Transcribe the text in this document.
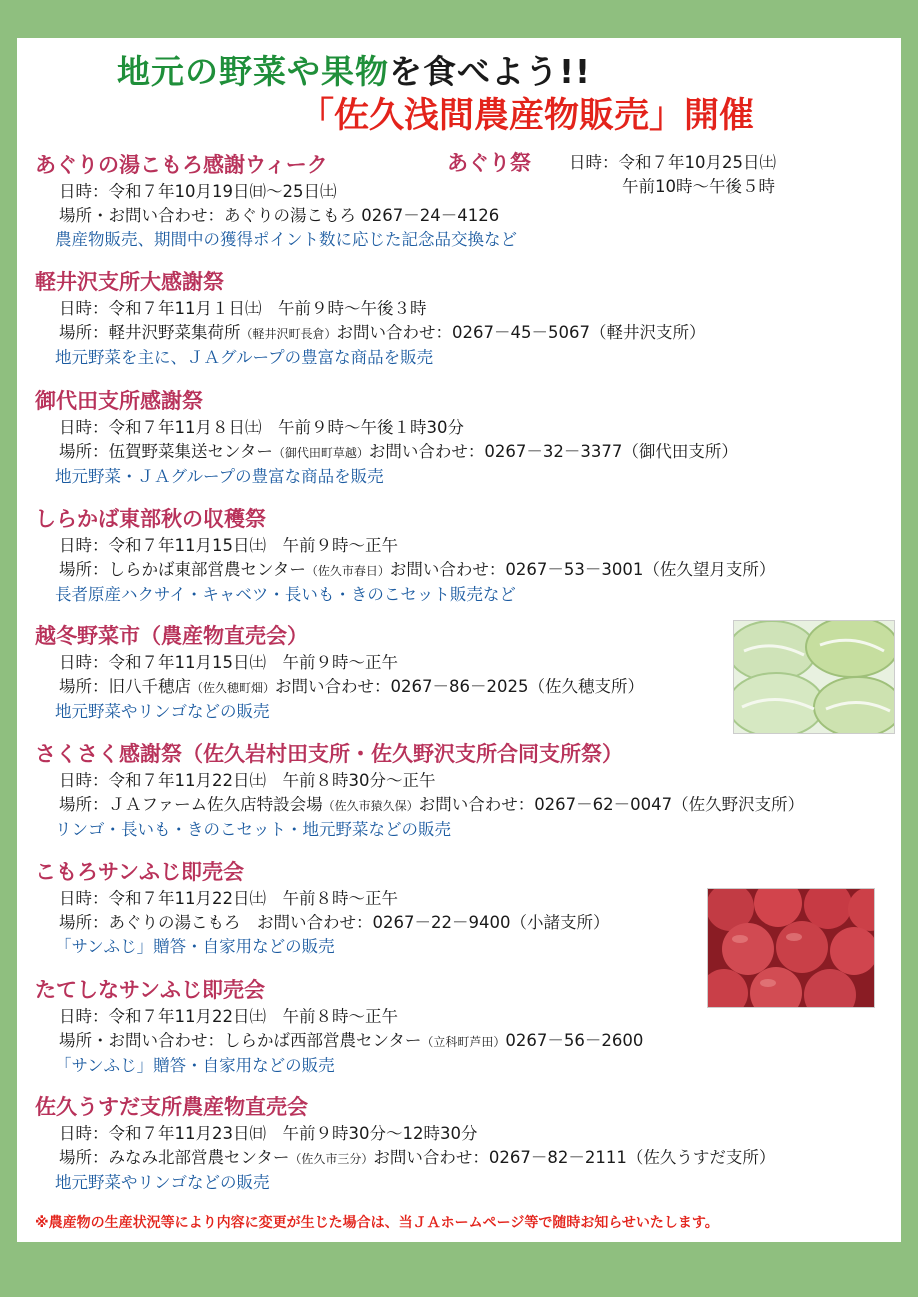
地元の野菜や果物を食べよう!!
「佐久浅間農産物販売」開催
あぐりの湯こもろ感謝ウィーク
日時：令和７年10月19日㈰～25日㈯
場所・お問い合わせ：あぐりの湯こもろ 0267－24－4126
農産物販売、期間中の獲得ポイント数に応じた記念品交換など
あぐり祭 日時：令和７年10月25日㈯
午前10時～午後５時
軽井沢支所大感謝祭
日時：令和７年11月１日㈯　午前９時～午後３時
場所：軽井沢野菜集荷所（軽井沢町長倉）お問い合わせ：0267－45－5067（軽井沢支所）
地元野菜を主に、ＪＡグループの豊富な商品を販売
御代田支所感謝祭
日時：令和７年11月８日㈯　午前９時～午後１時30分
場所：伍賀野菜集送センター（御代田町草越）お問い合わせ：0267－32－3377（御代田支所）
地元野菜・ＪＡグループの豊富な商品を販売
しらかば東部秋の収穫祭
日時：令和７年11月15日㈯　午前９時～正午
場所：しらかば東部営農センター（佐久市春日）お問い合わせ：0267－53－3001（佐久望月支所）
長者原産ハクサイ・キャベツ・長いも・きのこセット販売など
越冬野菜市（農産物直売会）
日時：令和７年11月15日㈯　午前９時～正午
場所：旧八千穂店（佐久穂町畑）お問い合わせ：0267－86－2025（佐久穂支所）
地元野菜やリンゴなどの販売
さくさく感謝祭（佐久岩村田支所・佐久野沢支所合同支所祭）
日時：令和７年11月22日㈯　午前８時30分～正午
場所：ＪＡファーム佐久店特設会場（佐久市猿久保）お問い合わせ：0267－62－0047（佐久野沢支所）
リンゴ・長いも・きのこセット・地元野菜などの販売
こもろサンふじ即売会
日時：令和７年11月22日㈯　午前８時～正午
場所：あぐりの湯こもろ　お問い合わせ：0267－22－9400（小諸支所）
「サンふじ」贈答・自家用などの販売
たてしなサンふじ即売会
日時：令和７年11月22日㈯　午前８時～正午
場所・お問い合わせ：しらかば西部営農センター（立科町芦田）0267－56－2600
「サンふじ」贈答・自家用などの販売
佐久うすだ支所農産物直売会
日時：令和７年11月23日㈰　午前９時30分～12時30分
場所：みなみ北部営農センター（佐久市三分）お問い合わせ：0267－82－2111（佐久うすだ支所）
地元野菜やリンゴなどの販売
※農産物の生産状況等により内容に変更が生じた場合は、当ＪＡホームページ等で随時お知らせいたします。
